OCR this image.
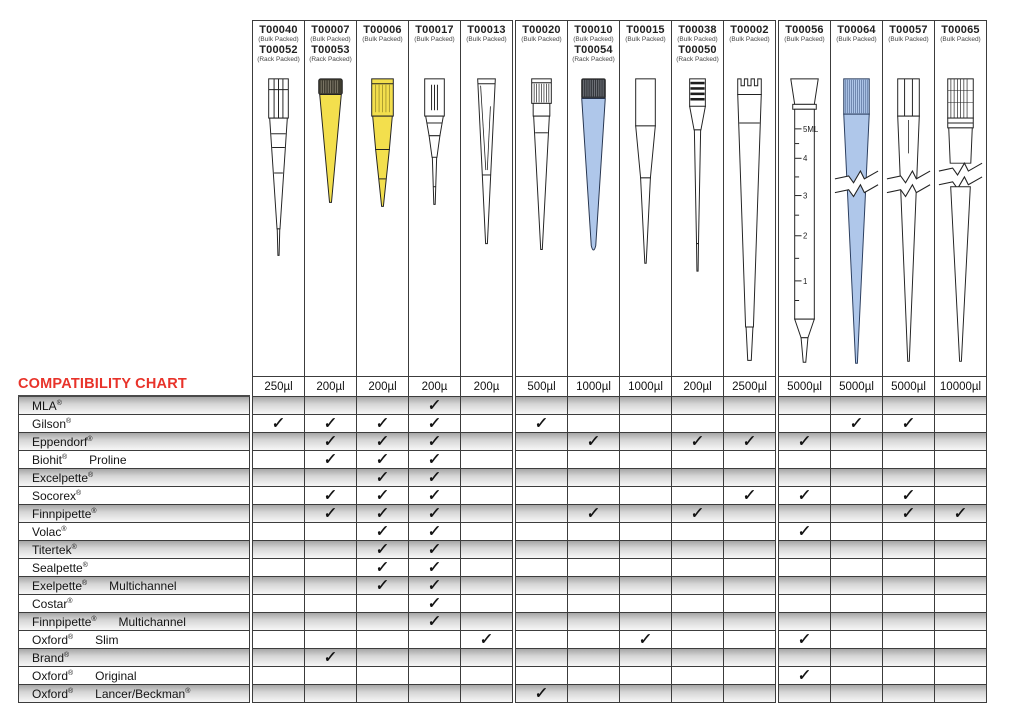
COMPATIBILITY CHART
MLA®
Gilson®
Eppendorf®
Biohit® Proline
Excelpette®
Socorex®
Finnpipette®
Volac®
Titertek®
Sealpette®
Exelpette® Multichannel
Costar®
Finnpipette® Multichannel
Oxford® Slim
Brand®
Oxford® Original
Oxford® Lancer/Beckman®
T00040
(Bulk Packed)
T00052
(Rack Packed)
250µl
✓
T00007
(Bulk Packed)
T00053
(Rack Packed)
200µl
✓
✓
✓
✓
✓
✓
T00006
(Bulk Packed)
200µl
✓
✓
✓
✓
✓
✓
✓
✓
✓
✓
T00017
(Bulk Packed)
200µ
✓
✓
✓
✓
✓
✓
✓
✓
✓
✓
✓
✓
✓
T00013
(Bulk Packed)
200µ
✓
T00020
(Bulk Packed)
500µl
✓
✓
T00010
(Bulk Packed)
T00054
(Rack Packed)
1000µl
✓
✓
T00015
(Bulk Packed)
1000µl
✓
T00038
(Bulk Packed)
T00050
(Rack Packed)
200µl
✓
✓
T00002
(Bulk Packed)
2500µl
✓
✓
T00056
(Bulk Packed)
5ML
4
3
2
1
5000µl
✓
✓
✓
✓
✓
T00064
(Bulk Packed)
5000µl
✓
T00057
(Bulk Packed)
5000µl
✓
✓
✓
T00065
(Bulk Packed)
10000µl
✓
